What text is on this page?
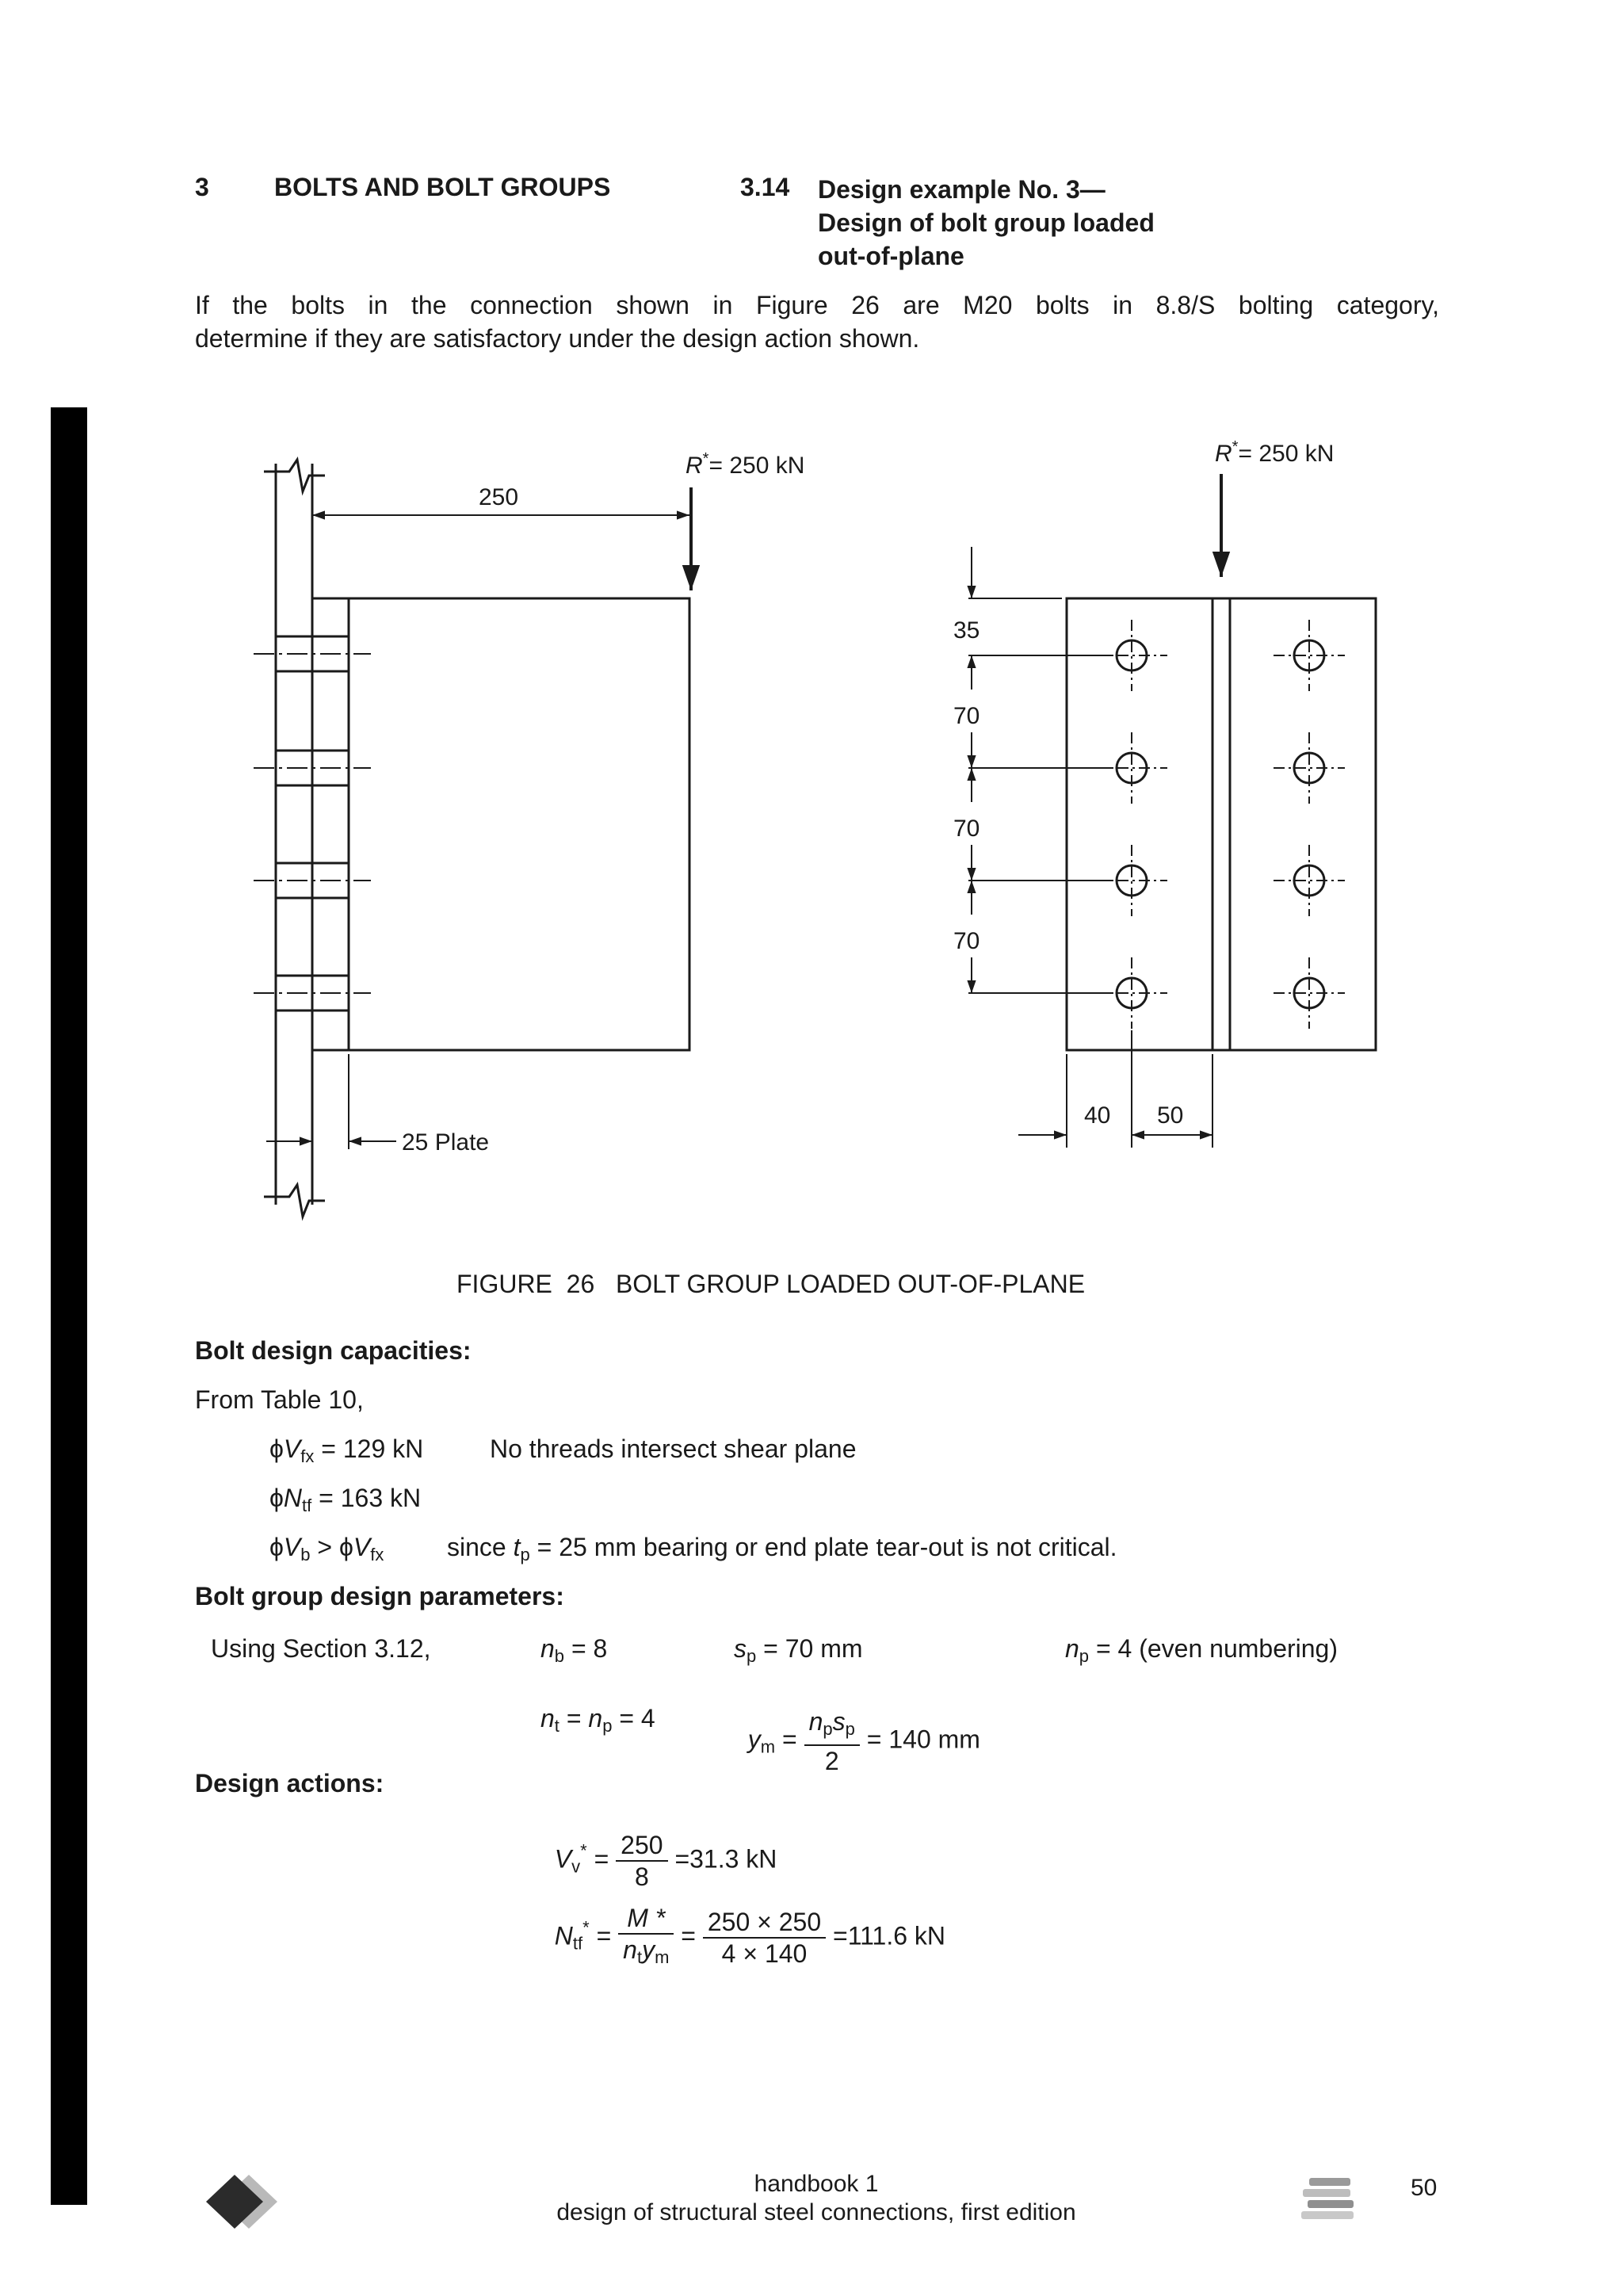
3	BOLTS AND BOLT GROUPS	3.14 Design example No. 3—
Design of bolt group loaded
out-of-plane
If the bolts in the connection shown in Figure 26 are M20 bolts in 8.8/S bolting category,
determine if they are satisfactory under the design action shown.
R*= 250 kN	R*= 250 kN
250
25 Plate
35
70
70
70
40 50
FIGURE  26   BOLT GROUP LOADED OUT-OF-PLANE
Bolt design capacities:
From Table 10,
$\phi V_{fx} = 129$ kN	No threads intersect shear plane
$\phi N_{tf} = 163$ kN
$\phi V_b > \phi V_{fx}$ since $t_p = 25$ mm bearing or end plate tear-out is not critical.
Bolt group design parameters:
Using Section 3.12,	$n_b = 8$	$s_p = 70$ mm	$n_p = 4$ (even numbering)
$n_t = n_p = 4$

$y_m = \frac{n_ps_p}{2} = 140$ mm

Design actions:

$V_v^* = \frac{250}{8} =31.3$ kN

$N_{tf}^* = \frac{M *}{n_ty_m} = \frac{250 \times 250}{4 \times 140} =111.6$ kN

handbook 1
design of structural steel connections, first edition
50
